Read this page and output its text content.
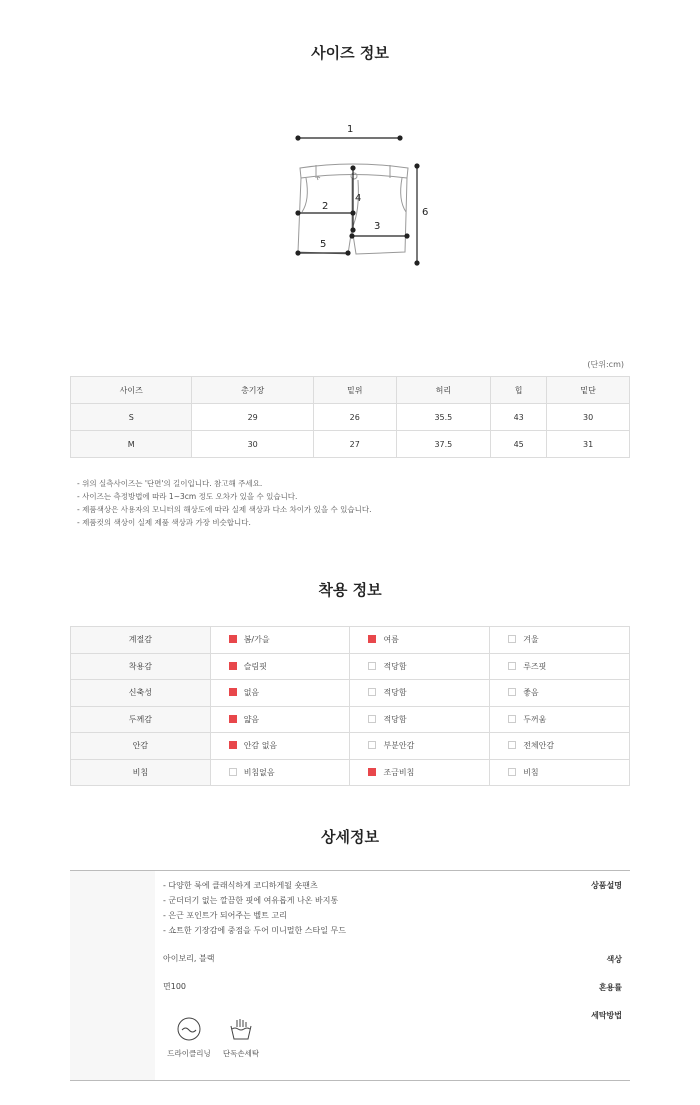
사이즈 정보
1
2
3
4
5
6
(단위:cm)
사이즈	총기장	밑위	허리	힙	밑단
S	29	26	35.5	43	30
M	30	27	37.5	45	31
- 위의 실측사이즈는 '단면'의 길이입니다. 참고해 주세요.
- 사이즈는 측정방법에 따라 1~3cm 정도 오차가 있을 수 있습니다.
- 제품색상은 사용자의 모니터의 해상도에 따라 실제 색상과 다소 차이가 있을 수 있습니다.
- 제품컷의 색상이 실제 제품 색상과 가장 비슷합니다.
착용 정보
계절감	봄/가을	여름	겨울
착용감	슬림핏	적당함	루즈핏
신축성	없음	적당함	좋음
두께감	얇음	적당함	두꺼움
안감	안감 없음	부분안감	전체안감
비침	비침없음	조금비침	비침
상세정보
상품설명
- 다양한 룩에 클래식하게 코디하게될 숏팬츠
- 군더더기 없는 깔끔한 핏에 여유롭게 나온 바지통
- 은근 포인트가 되어주는 벨트 고리
- 쇼트한 기장감에 중점을 두어 미니멀한 스타일 무드
색상
아이보리, 블랙
혼용률
면100
세탁방법
드라이클리닝	단독손세탁
